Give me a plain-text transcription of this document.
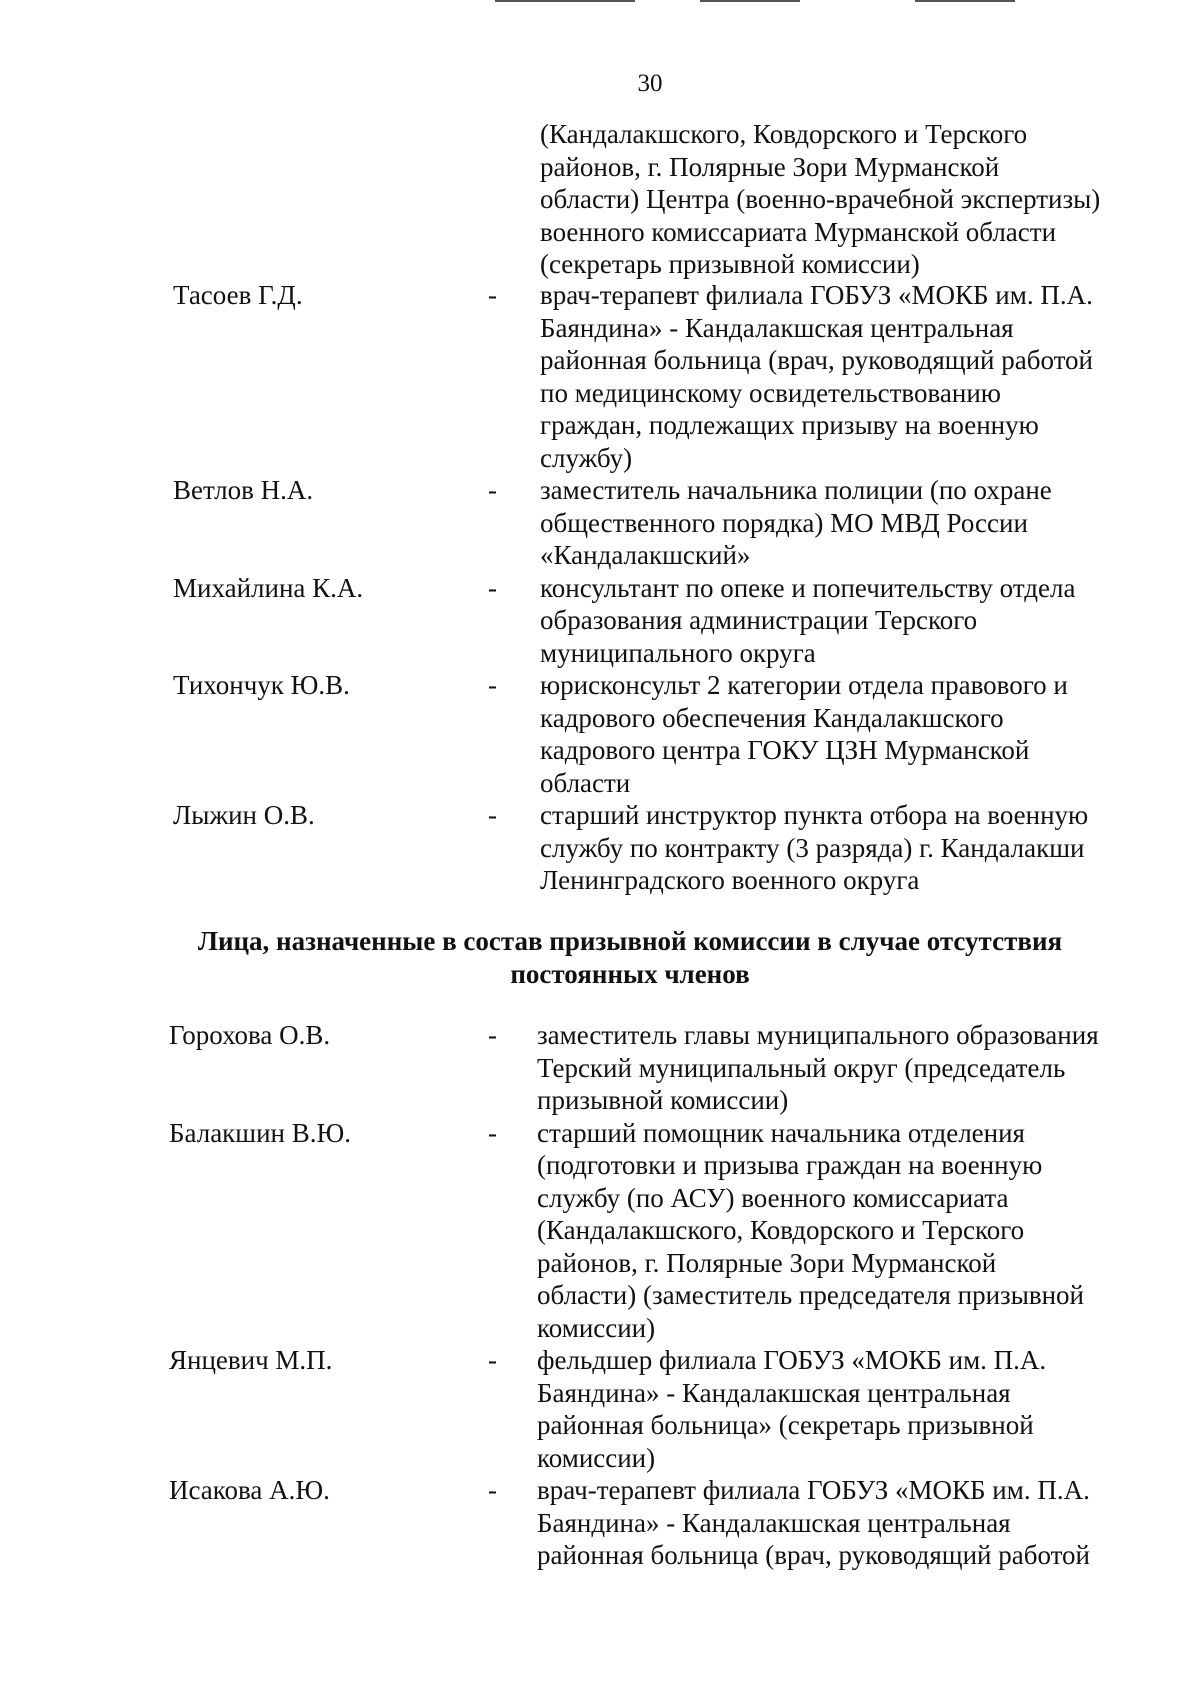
30
(Кандалакшского, Ковдорского и Терского
районов, г. Полярные Зори Мурманской
области) Центра (военно-врачебной экспертизы)
военного комиссариата Мурманской области
(секретарь призывной комиссии)
Тасоев Г.Д.	- врач-терапевт филиала ГОБУЗ «МОКБ им. П.А.
Баяндина» - Кандалакшская центральная
районная больница (врач, руководящий работой
по медицинскому освидетельствованию
граждан, подлежащих призыву на военную
службу)
Ветлов Н.А.	- заместитель начальника полиции (по охране
общественного порядка) МО МВД России
«Кандалакшский»
Михайлина К.А.	- консультант по опеке и попечительству отдела
образования администрации Терского
муниципального округа
Тихончук Ю.В.	- юрисконсульт 2 категории отдела правового и
кадрового обеспечения Кандалакшского
кадрового центра ГОКУ ЦЗН Мурманской
области
Лыжин О.В.	- старший инструктор пункта отбора на военную
службу по контракту (3 разряда) г. Кандалакши
Ленинградского военного округа
Лица, назначенные в состав призывной комиссии в случае отсутствия
постоянных членов
Горохова О.В.	- заместитель главы муниципального образования
Терский муниципальный округ (председатель
призывной комиссии)
Балакшин В.Ю.	- старший помощник начальника отделения
(подготовки и призыва граждан на военную
службу (по АСУ) военного комиссариата
(Кандалакшского, Ковдорского и Терского
районов, г. Полярные Зори Мурманской
области) (заместитель председателя призывной
комиссии)
Янцевич М.П.	- фельдшер филиала ГОБУЗ «МОКБ им. П.А.
Баяндина» - Кандалакшская центральная
районная больница» (секретарь призывной
комиссии)
Исакова А.Ю.	- врач-терапевт филиала ГОБУЗ «МОКБ им. П.А.
Баяндина» - Кандалакшская центральная
районная больница (врач, руководящий работой
